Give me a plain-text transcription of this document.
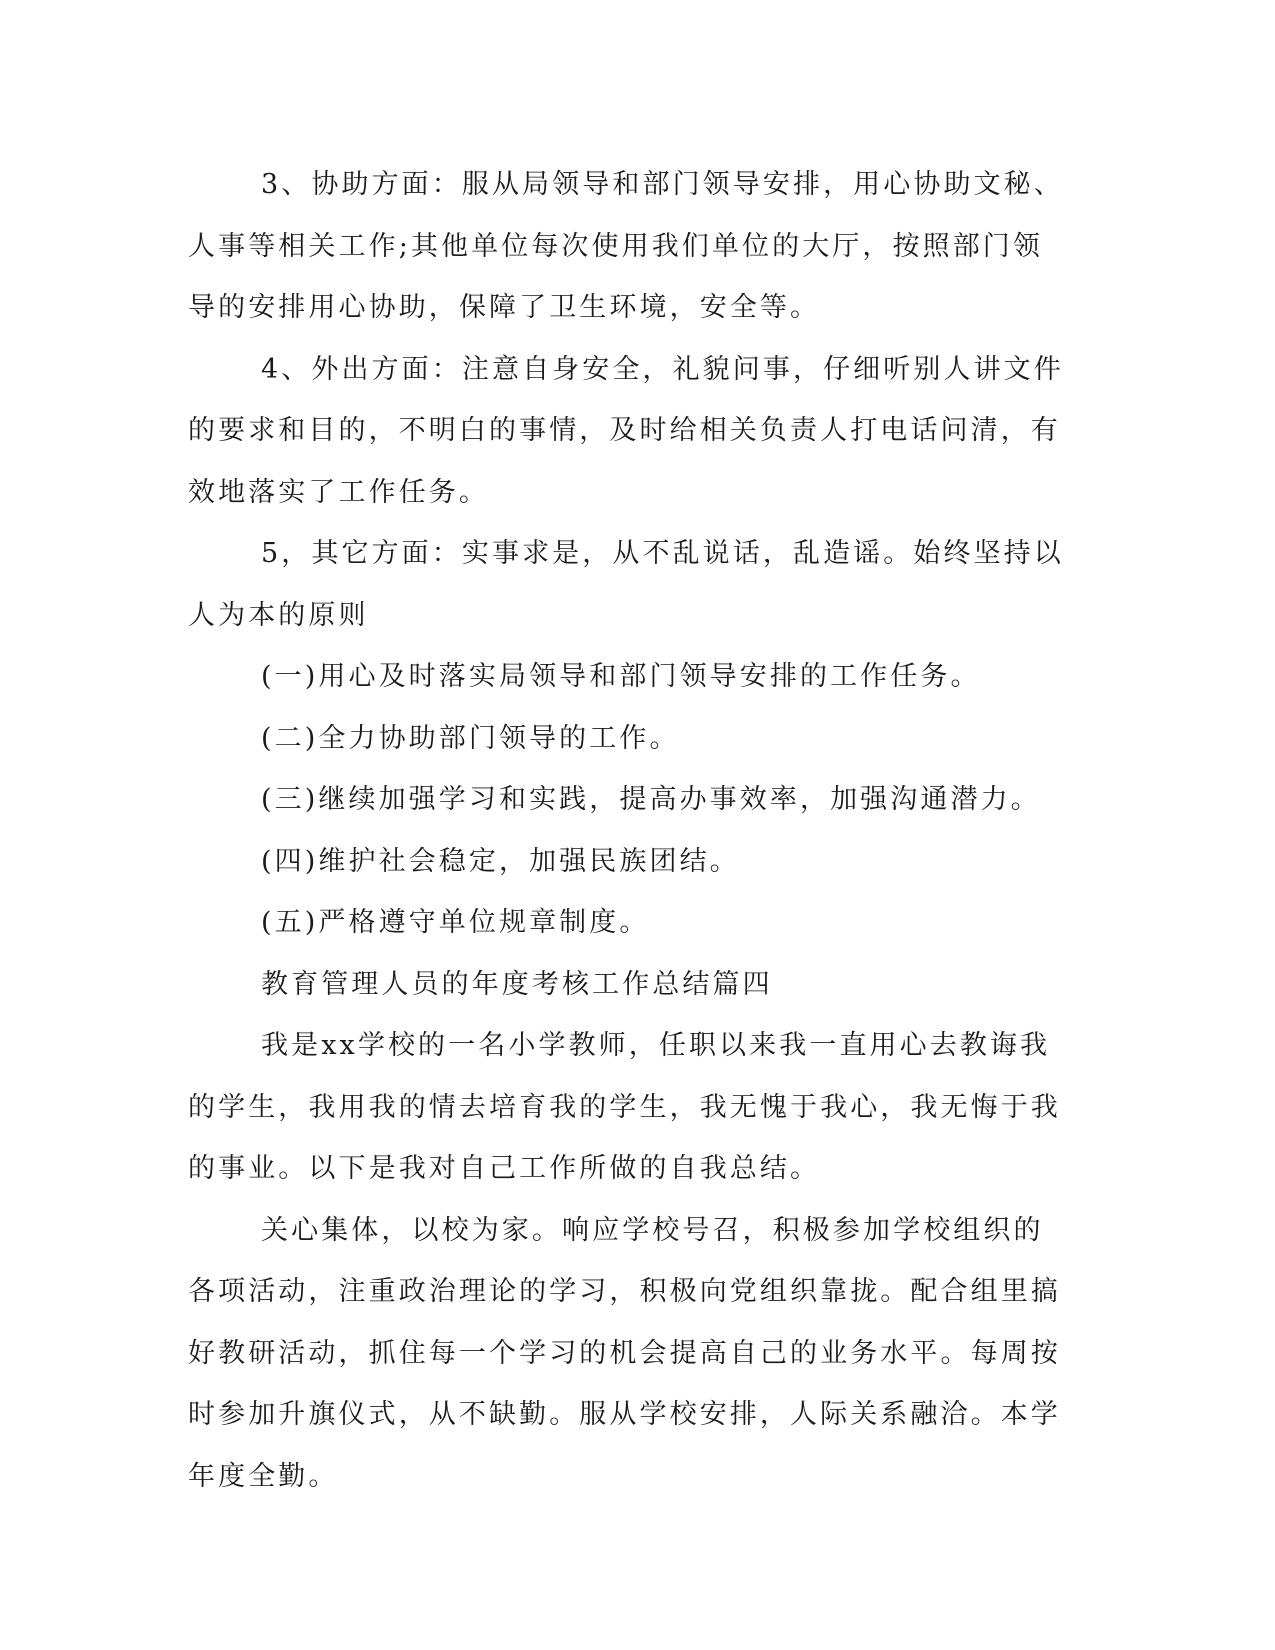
3、协助方面：服从局领导和部门领导安排，用心协助文秘、人事等相关工作;其他单位每次使用我们单位的大厅，按照部门领导的安排用心协助，保障了卫生环境，安全等。

4、外出方面：注意自身安全，礼貌问事，仔细听别人讲文件的要求和目的，不明白的事情，及时给相关负责人打电话问清，有效地落实了工作任务。

5，其它方面：实事求是，从不乱说话，乱造谣。始终坚持以人为本的原则

(一)用心及时落实局领导和部门领导安排的工作任务。

(二)全力协助部门领导的工作。

(三)继续加强学习和实践，提高办事效率，加强沟通潜力。

(四)维护社会稳定，加强民族团结。

(五)严格遵守单位规章制度。

教育管理人员的年度考核工作总结篇四

我是xx学校的一名小学教师，任职以来我一直用心去教诲我的学生，我用我的情去培育我的学生，我无愧于我心，我无悔于我的事业。以下是我对自己工作所做的自我总结。

关心集体，以校为家。响应学校号召，积极参加学校组织的各项活动，注重政治理论的学习，积极向党组织靠拢。配合组里搞好教研活动，抓住每一个学习的机会提高自己的业务水平。每周按时参加升旗仪式，从不缺勤。服从学校安排，人际关系融洽。本学年度全勤。
